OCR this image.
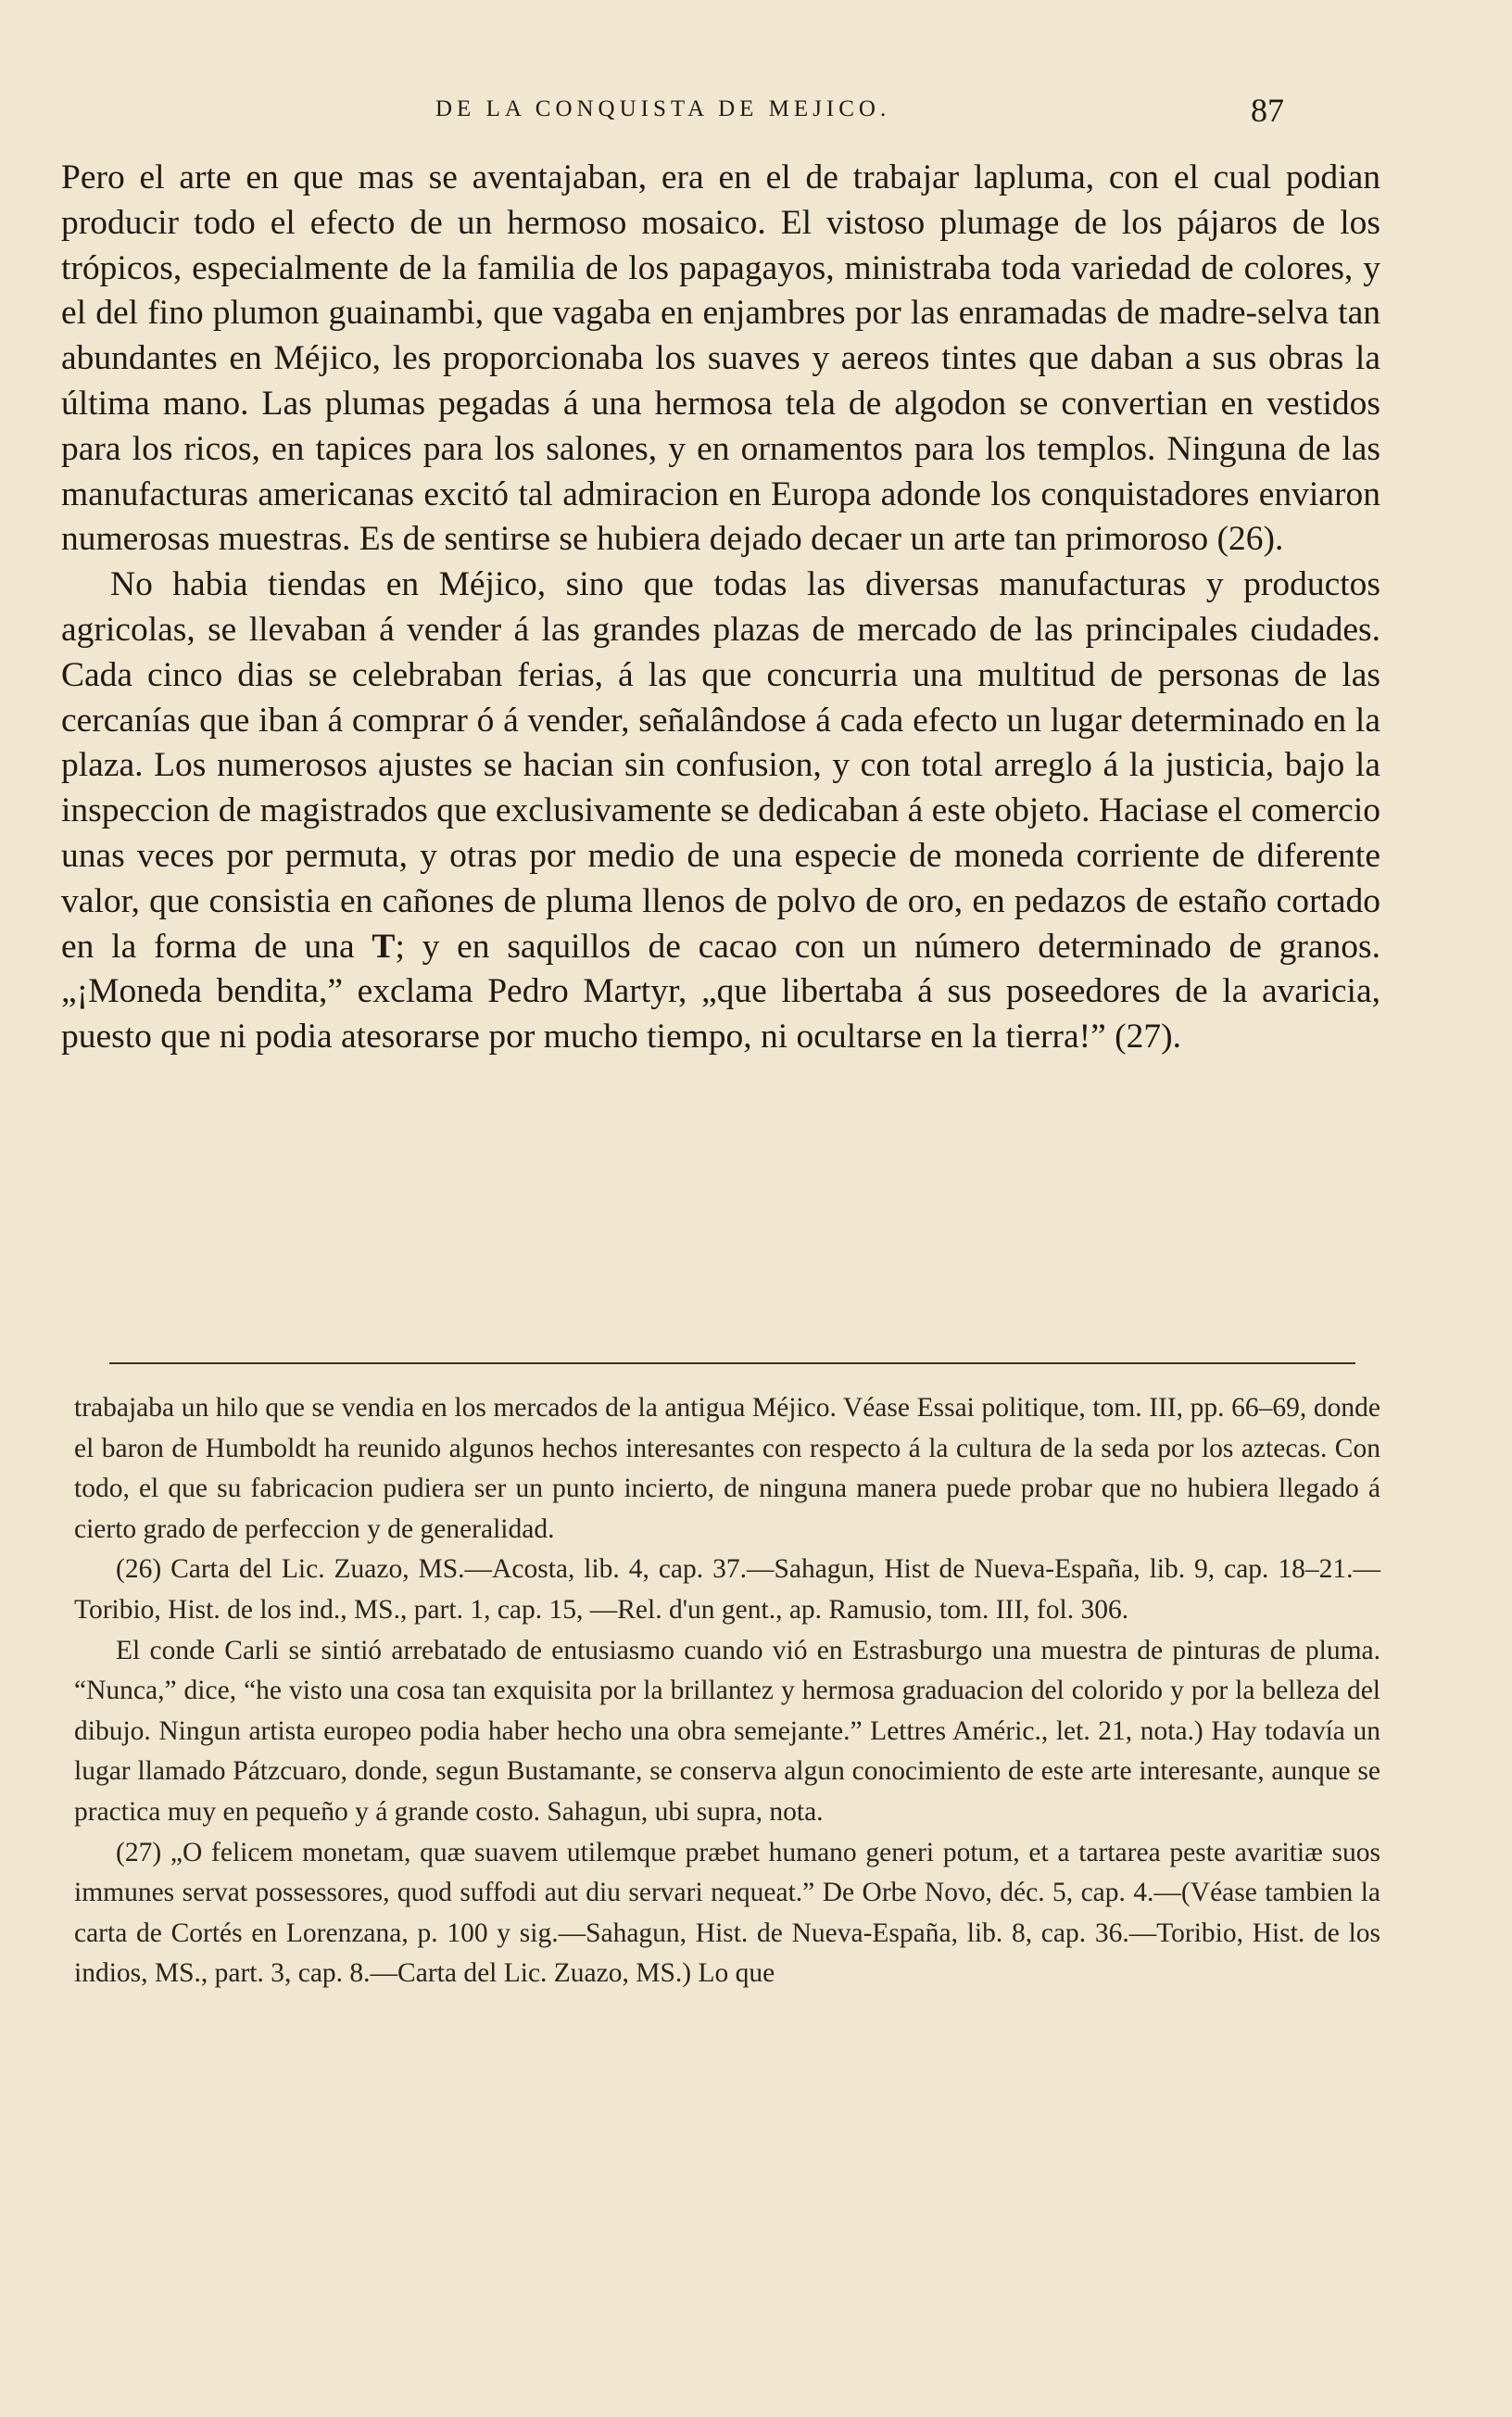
DE LA CONQUISTA DE MEJICO.	87

Pero el arte en que mas se aventajaban, era en el de trabajar lapluma, con el cual podian producir todo el efecto de un hermoso mosaico. El vistoso plumage de los pájaros de los trópicos, especialmente de la familia de los papagayos, ministraba toda variedad de colores, y el del fino plumon guainambi, que vagaba en enjambres por las enramadas de madre-selva tan abundantes en Méjico, les proporcionaba los suaves y aereos tintes que daban a sus obras la última mano. Las plumas pegadas á una hermosa tela de algodon se convertian en vestidos para los ricos, en tapices para los salones, y en ornamentos para los templos. Ninguna de las manufacturas americanas excitó tal admiracion en Europa adonde los conquistadores enviaron numerosas muestras. Es de sentirse se hubiera dejado decaer un arte tan primoroso (26).

No habia tiendas en Méjico, sino que todas las diversas manufacturas y productos agricolas, se llevaban á vender á las grandes plazas de mercado de las principales ciudades. Cada cinco dias se celebraban ferias, á las que concurria una multitud de personas de las cercanías que iban á comprar ó á vender, señalândose á cada efecto un lugar determinado en la plaza. Los numerosos ajustes se hacian sin confusion, y con total arreglo á la justicia, bajo la inspeccion de magistrados que exclusivamente se dedicaban á este objeto. Haciase el comercio unas veces por permuta, y otras por medio de una especie de moneda corriente de diferente valor, que consistia en cañones de pluma llenos de polvo de oro, en pedazos de estaño cortado en la forma de una T; y en saquillos de cacao con un número determinado de granos. „¡Moneda bendita,” exclama Pedro Martyr, „que libertaba á sus poseedores de la avaricia, puesto que ni podia atesorarse por mucho tiempo, ni ocultarse en la tierra!” (27).

trabajaba un hilo que se vendia en los mercados de la antigua Méjico. Véase Essai politique, tom. III, pp. 66–69, donde el baron de Humboldt ha reunido algunos hechos interesantes con respecto á la cultura de la seda por los aztecas. Con todo, el que su fabricacion pudiera ser un punto incierto, de ninguna manera puede probar que no hubiera llegado á cierto grado de perfeccion y de generalidad.

(26) Carta del Lic. Zuazo, MS.—Acosta, lib. 4, cap. 37.—Sahagun, Hist de Nueva-España, lib. 9, cap. 18–21.—Toribio, Hist. de los ind., MS., part. 1, cap. 15, —Rel. d'un gent., ap. Ramusio, tom. III, fol. 306.

El conde Carli se sintió arrebatado de entusiasmo cuando vió en Estrasburgo una muestra de pinturas de pluma. “Nunca,” dice, “he visto una cosa tan exquisita por la brillantez y hermosa graduacion del colorido y por la belleza del dibujo. Ningun artista europeo podia haber hecho una obra semejante.” Lettres Améric., let. 21, nota.) Hay todavía un lugar llamado Pátzcuaro, donde, segun Bustamante, se conserva algun conocimiento de este arte interesante, aunque se practica muy en pequeño y á grande costo. Sahagun, ubi supra, nota.

(27) „O felicem monetam, quæ suavem utilemque præbet humano generi potum, et a tartarea peste avaritiæ suos immunes servat possessores, quod suffodi aut diu servari nequeat.” De Orbe Novo, déc. 5, cap. 4.—(Véase tambien la carta de Cortés en Lorenzana, p. 100 y sig.—Sahagun, Hist. de Nueva-España, lib. 8, cap. 36.—Toribio, Hist. de los indios, MS., part. 3, cap. 8.—Carta del Lic. Zuazo, MS.) Lo que
